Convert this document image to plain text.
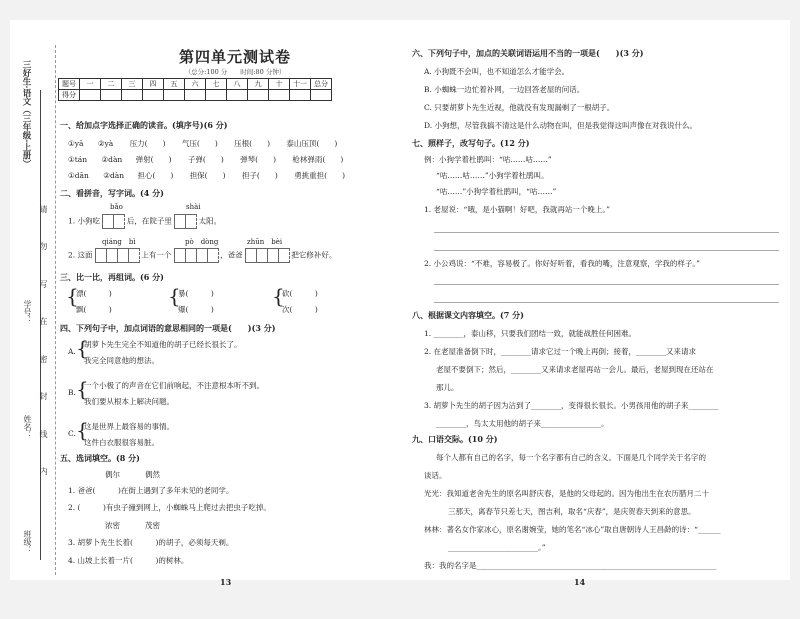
三好生·语文（三年级·上册）
学号：
姓名：
班级：
请
勿
写
在
密
封
线
内
第四单元测试卷
（总分:100 分　　时间:80 分钟）
题号	一	二	三	四	五	六	七	八	九	十	十一	总分
得分												
一、给加点字选择正确的读音。(填序号)(6 分)
①yā ②yà 压力(　　) 气压(　　) 压根(　　) 泰山压顶(　　)
①tán ②dàn 弹射(　　) 子弹(　　) 弹琴(　　) 枪林弹雨(　　)
①dān ②dàn 担心(　　) 担保(　　) 担子(　　) 勇挑重担(　　)
二、看拼音，写字词。(4 分)
bǎo	shài
1. 小狗吃	后，在院子里	太阳。
qiáng　bì	pò　dòng	zhūn　bèi
2. 这面	上有一个	，爸爸	把它修补好。
三、比一比，再组词。(6 分)
{
漂(　　　)
飘(　　　)
{
暴(　　　)
爆(　　　)
{
砍(　　　)
次(　　　)
四、下列句子中，加点词语的意思相同的一项是(　　)(3 分)
A. {
胡萝卜先生完全不知道他的胡子已经长很长了。
我完全同意他的想法。
B. {
一个小极了的声音在它们前响起，不注意根本听不到。
我们要从根本上解决问题。
C. {
这是世界上最容易的事情。
这件白衣服很容易脏。
五、选词填空。(8 分)
偶尔	偶然
1. 爸爸(　　　)在街上遇到了多年未见的老同学。
2. (　　　)有虫子撞到网上，小蜘蛛马上爬过去把虫子吃掉。
浓密	茂密
3. 胡萝卜先生长着(　　　)的胡子，必须每天剃。
4. 山坡上长着一片(　　　)的树林。
13
六、下列句子中，加点的关联词语运用不当的一项是(　　)(3 分)
A. 小狗既不会叫，也不知道怎么才能学会。
B. 小蜘蛛一边忙着补网，一边回答老屋的问话。
C. 只要胡萝卜先生近视，他就没有发现漏剃了一根胡子。
D. 小狗想，尽管我搞不清这是什么动物在叫，但是我觉得这叫声像在对我说什么。
七、照样子，改写句子。(12 分)
例：小狗学着杜鹃叫：“咕……咕……”
“咕……咕……”小狗学着杜鹃叫。
“咕……”小狗学着杜鹃叫，“咕……”
1. 老屋说：“哦，是小猫啊！好吧，我就再站一个晚上。”
2. 小公鸡说：“不难，容易极了。你好好听着，看我的嘴，注意观察，学我的样子。”
八、根据课文内容填空。(7 分)
1. ________，泰山移，只要我们团结一致，就能战胜任何困难。
2. 在老屋准备倒下时，________请求它过一个晚上再倒；接着，________又来请求
老屋不要倒下；然后，________又来请求老屋再站一会儿。最后，老屋到现在还站在
那儿。
3. 胡萝卜先生的胡子因为沾到了________，变得很长很长。小男孩用他的胡子来________
________，鸟太太用他的胡子来________________。
九、口语交际。(10 分)
每个人都有自己的名字，每一个名字都有自己的含义。下面是几个同学关于名字的
谈话。
光光：我知道老舍先生的原名叫舒庆春，是他的父母起的。因为他出生在农历腊月二十
三那天，离春节只差七天，图吉利，取名“庆春”，是庆贺春天到来的意思。
林林：著名女作家冰心，原名谢婉莹，她的笔名“冰心”取自唐朝诗人王昌龄的诗：“______
________________________。”
我：我的名字是________________________________________________________________
14
